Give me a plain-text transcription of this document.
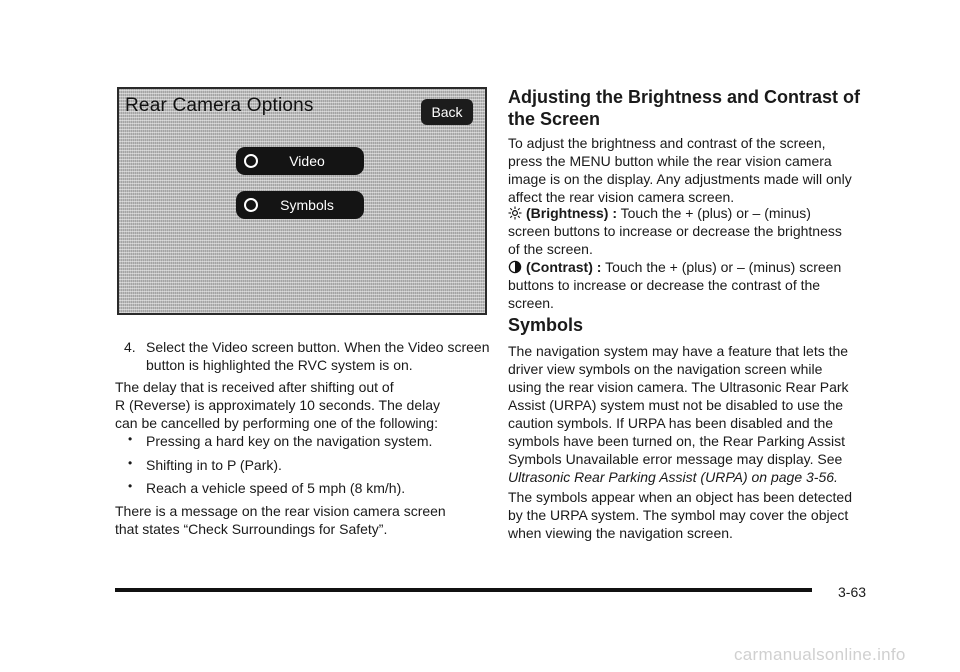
Rear Camera Options	Back
Video
Symbols
4. Select the Video screen button. When the Video screen button is highlighted the RVC system is on.
The delay that is received after shifting out of
R (Reverse) is approximately 10 seconds. The delay
can be cancelled by performing one of the following:
• Pressing a hard key on the navigation system.
• Shifting in to P (Park).
• Reach a vehicle speed of 5 mph (8 km/h).
There is a message on the rear vision camera screen
that states “Check Surroundings for Safety”.
Adjusting the Brightness and Contrast of
the Screen
To adjust the brightness and contrast of the screen,
press the MENU button while the rear vision camera
image is on the display. Any adjustments made will only
affect the rear vision camera screen.
(Brightness) : Touch the + (plus) or – (minus)
screen buttons to increase or decrease the brightness
of the screen.
(Contrast) : Touch the + (plus) or – (minus) screen
buttons to increase or decrease the contrast of the
screen.
Symbols
The navigation system may have a feature that lets the
driver view symbols on the navigation screen while
using the rear vision camera. The Ultrasonic Rear Park
Assist (URPA) system must not be disabled to use the
caution symbols. If URPA has been disabled and the
symbols have been turned on, the Rear Parking Assist
Symbols Unavailable error message may display. See
Ultrasonic Rear Parking Assist (URPA) on page 3-56.
The symbols appear when an object has been detected
by the URPA system. The symbol may cover the object
when viewing the navigation screen.
3-63
carmanualsonline.info
